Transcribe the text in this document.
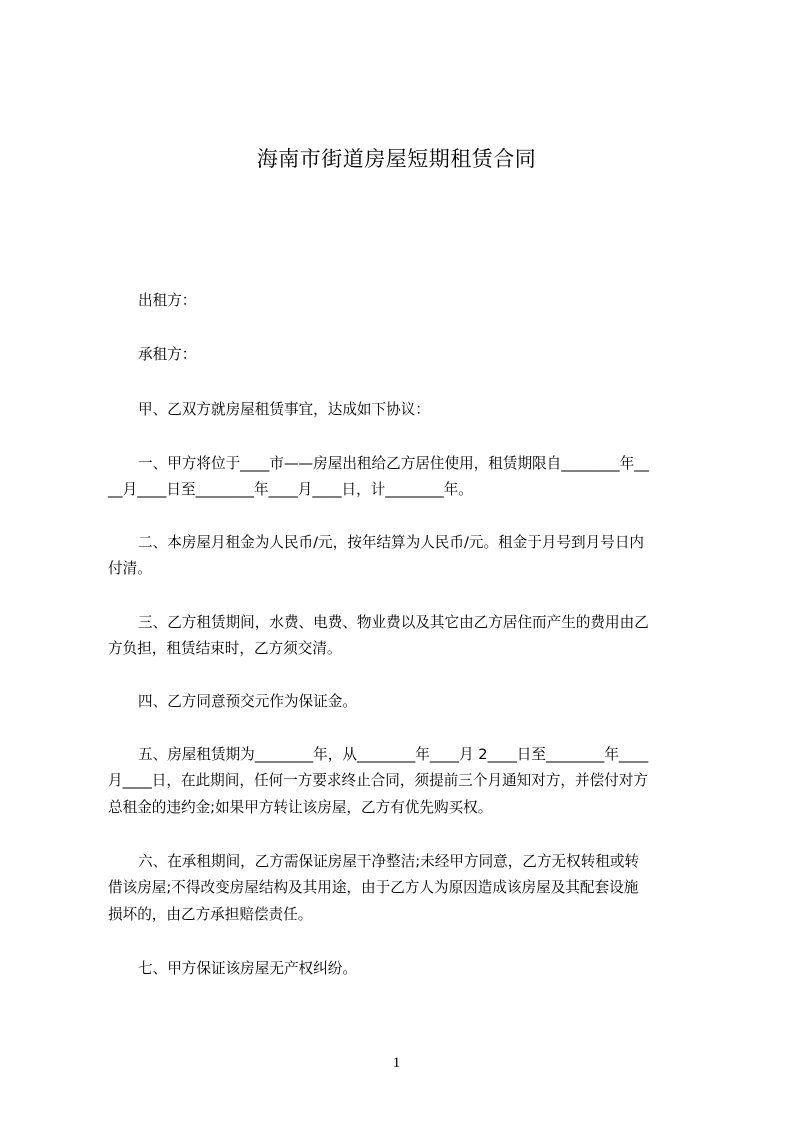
海南市街道房屋短期租赁合同
出租方：
承租方：
甲、乙双方就房屋租赁事宜，达成如下协议：
一、甲方将位于____市——房屋出租给乙方居住使用，租赁期限自________年__
__月____日至________年____月____日，计________年。
二、本房屋月租金为人民币/元，按年结算为人民币/元。租金于月号到月号日内
付清。
三、乙方租赁期间，水费、电费、物业费以及其它由乙方居住而产生的费用由乙
方负担，租赁结束时，乙方须交清。
四、乙方同意预交元作为保证金。
五、房屋租赁期为________年，从________年____月 2____日至________年____
月____日，在此期间，任何一方要求终止合同，须提前三个月通知对方，并偿付对方
总租金的违约金;如果甲方转让该房屋，乙方有优先购买权。
六、在承租期间，乙方需保证房屋干净整洁;未经甲方同意，乙方无权转租或转
借该房屋;不得改变房屋结构及其用途，由于乙方人为原因造成该房屋及其配套设施
损坏的，由乙方承担赔偿责任。
七、甲方保证该房屋无产权纠纷。
1
